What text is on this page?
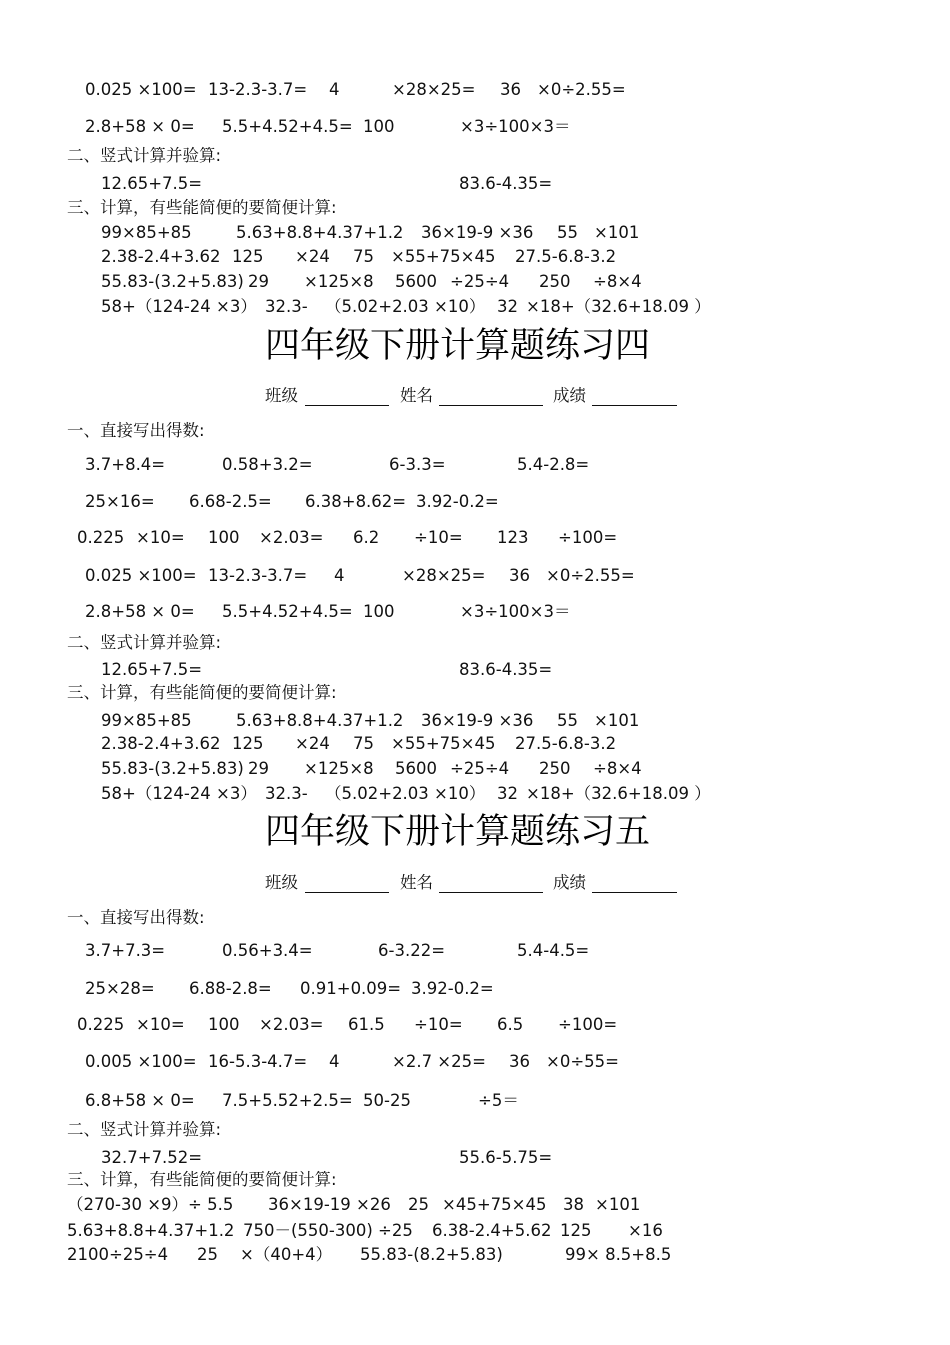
0.025 ×100= 13-2.3-3.7= 4	×28×25= 36 ×0÷2.55=
2.8+58 × 0= 5.5+4.52+4.5= 100	×3÷100×3＝
二、竖式计算并验算:
12.65+7.5=	83.6-4.35=
三、计算，有些能简便的要简便计算:
99×85+85	5.63+8.8+4.37+1.2 36×19-9 ×36 55 ×101
2.38-2.4+3.62 125 ×24 75 ×55+75×45 27.5-6.8-3.2
55.83-(3.2+5.83) 29 ×125×8 5600 ÷25÷4 250 ÷8×4
58+（124-24 ×3） 32.3- （5.02+2.03 ×10） 32 ×18+（32.6+18.09 ）
四年级下册计算题练习四
班级	姓名	成绩
一、直接写出得数:
3.7+8.4=	0.58+3.2=	6-3.3=	5.4-2.8=
25×16= 6.68-2.5= 6.38+8.62= 3.92-0.2=
0.225 ×10= 100 ×2.03= 6.2 ÷10= 123 ÷100=
0.025 ×100= 13-2.3-3.7= 4	×28×25= 36 ×0÷2.55=
2.8+58 × 0= 5.5+4.52+4.5= 100	×3÷100×3＝
二、竖式计算并验算:
12.65+7.5=	83.6-4.35=
三、计算，有些能简便的要简便计算:
99×85+85	5.63+8.8+4.37+1.2 36×19-9 ×36 55 ×101
2.38-2.4+3.62 125 ×24 75 ×55+75×45 27.5-6.8-3.2
55.83-(3.2+5.83) 29 ×125×8 5600 ÷25÷4 250 ÷8×4
58+（124-24 ×3） 32.3- （5.02+2.03 ×10） 32 ×18+（32.6+18.09 ）
四年级下册计算题练习五
班级	姓名	成绩
一、直接写出得数:
3.7+7.3=	0.56+3.4=	6-3.22=	5.4-4.5=
25×28= 6.88-2.8= 0.91+0.09= 3.92-0.2=
0.225 ×10= 100 ×2.03= 61.5 ÷10= 6.5 ÷100=
0.005 ×100= 16-5.3-4.7= 4	×2.7 ×25= 36 ×0÷55=
6.8+58 × 0= 7.5+5.52+2.5= 50-25	÷5＝
二、竖式计算并验算:
32.7+7.52=	55.6-5.75=
三、计算，有些能简便的要简便计算:
（270-30 ×9）÷ 5.5 36×19-19 ×26 25 ×45+75×45 38 ×101
5.63+8.8+4.37+1.2 750－(550-300) ÷25 6.38-2.4+5.62 125 ×16
2100÷25÷4 25 ×（40+4） 55.83-(8.2+5.83)	99× 8.5+8.5
